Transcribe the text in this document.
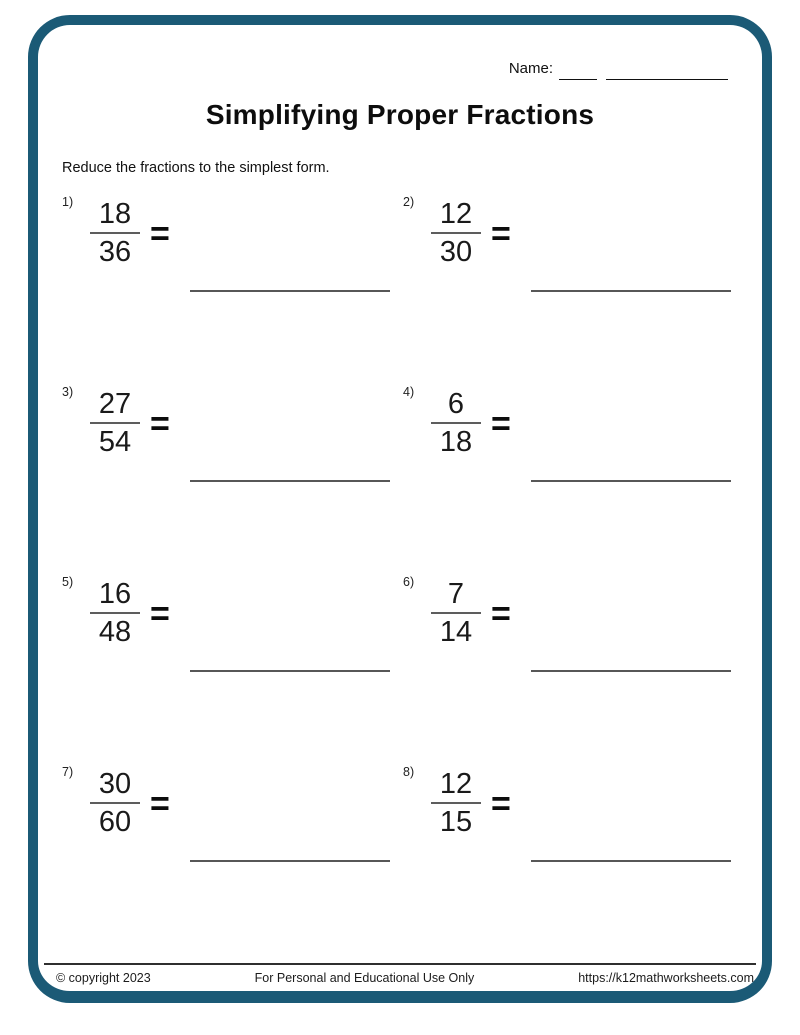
Name:
Simplifying Proper Fractions
Reduce the fractions to the simplest form.
1) 18
36 =
2) 12
30 =
3) 27
54 =
4) 6
18 =
5) 16
48 =
6) 7
14 =
7) 30
60 =
8) 12
15 =
© copyright 2023	For Personal and Educational Use Only	https://k12mathworksheets.com
